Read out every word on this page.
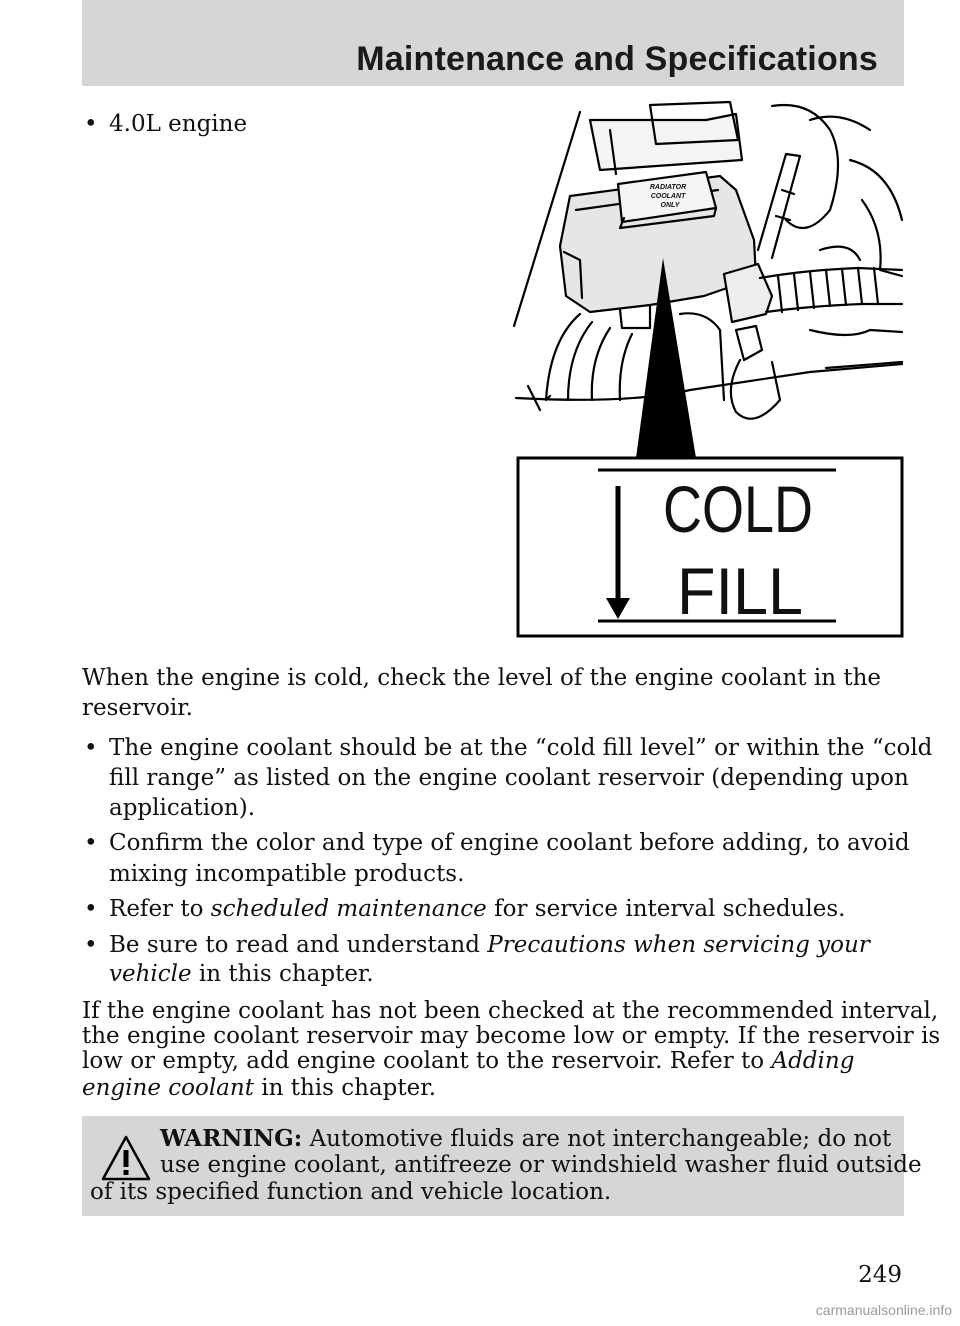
Maintenance and Specifications
• 4.0L engine
RADIATOR
COOLANT
ONLY
COLD
FILL
When the engine is cold, check the level of the engine coolant in the
reservoir.
• The engine coolant should be at the “cold fill level” or within the “cold
fill range” as listed on the engine coolant reservoir (depending upon
application).
• Confirm the color and type of engine coolant before adding, to avoid
mixing incompatible products.
• Refer to scheduled maintenance for service interval schedules.
• Be sure to read and understand Precautions when servicing your
vehicle in this chapter.
If the engine coolant has not been checked at the recommended interval,
the engine coolant reservoir may become low or empty. If the reservoir is
low or empty, add engine coolant to the reservoir. Refer to Adding
engine coolant in this chapter.
WARNING: Automotive fluids are not interchangeable; do not
use engine coolant, antifreeze or windshield washer fluid outside
of its specified function and vehicle location.
249
carmanualsonline.info
